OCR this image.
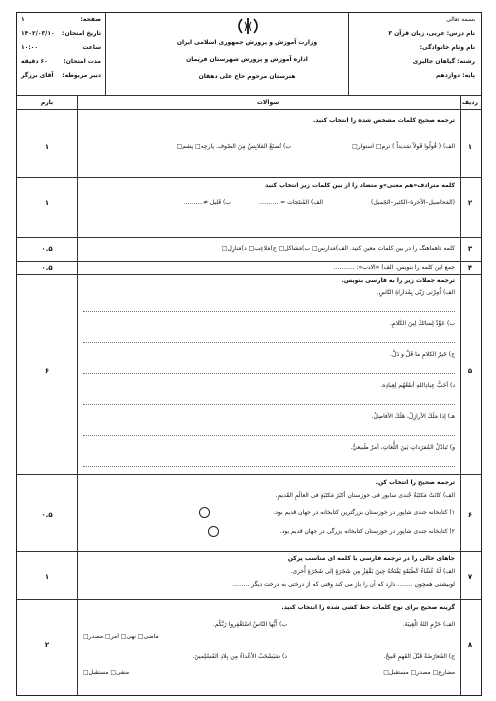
بسمه تعالی
نام درس: عربی، زبان قرآن ۳
نام ونام خانوادگی:
رشته: گیاهان جالیزی
پایه: دوازدهم
وزارت آموزش و پرورش جمهوری اسلامی ایران
اداره آموزش و پرورش شهرستان فریمان
هنرستان مرحوم حاج علی دهقان
صفحه:
تاریخ امتحان:
ساعت
مدت امتحان:
دبیر مربوطه:
۱
۱۴۰۲/۰۳/۱۰
۱۰:۰۰
۶۰ دقیقه
آقای برزگر
ردیف
سوالات
بارم
۱
۱
ترجمه صحیح کلمات مشخص شده را انتخاب کنید.
الف) ( قُولُوا قَولاً سَدیداً ) نرم□ استوار□
ب) تُصنَعُ المَلابِسُ مِنَ الصّوف. پارچه□ پشم□
۲
۱
کلمه مترادف«هم معنی»و متضاد را از بین کلمات زیر انتخاب کنید
(المَحاصیل–الأخرة–الكثير–الجَميل)
الف) المُنتَجات = ..........
ب) قَليل ≠..........
۳
۰.۵	کلمه ناهماهنگ را در بین کلمات معین کنید. الف)مَدارس□ ب)مَشاكل□ ج)مَلاعِب□ د)مَنازِل□
۴
۰.۵	جمع این کلمه را بنویس. الف) «الادب»: ...........
۵
۶
ترجمه جملات زیر را به فارسی بنویس.
الف) اُمِرْنی رَبّی بِمُداراةِ النّاسِ.
ب) عَوِّدْ لِسانَكَ لِينَ الكَلامِ.
ج) خَيرُ الكلامِ ما قَلَّ و دَلَّ.
د) أحَبُّ عِبادِاللهِ أنفَعُهُم لِعِبادِه.
هـ) إذا مَلَكَ الأرازِلُ، هَلَكَ الأفاضِلُ.
و) تَبادُلُ المُفرَداتِ بَينَ اللُّغاتِ، أمرٌ طَبيعيٌّ.
۶
۰.۵
ترجمه صحیح را انتخاب کن.
الف) كانَتْ مَكتَبَةُ جُندی سابور فی خوزستان أكبَرَ مَكتَبَةٍ فی العالَمِ القَديمِ.
۱) کتابخانه جندی شاپور در خوزستان بزرگترین کتابخانه در جهان قدیم بود.
۲) کتابخانه جندی شاپور در خوزستان کتابخانه بزرگی در جهان قدیم بود.
۷
۱
جاهای خالی را در ترجمه فارسی با کلمه ای مناسب پرکن
الف) لَهُ عُشّاءٌ كَطَبَقَةٍ يَفْتَحُهُ حِينَ يَقْفِزُ مِن شَجَرَةٍ إلى شَجَرَةٍ أُخرى.
لوبیشنی همچون ........ دارد که آن را باز می کند وقتی که از درختی به درخت دیگر .........
۸
۲
گزینه صحیح برای نوع کلمات خط کشی شده را انتخاب کنید.
الف) حَرِّمِ اللهُ الْغِيبَةَ.
ب) أَيُّها النّاسُ اسْتَغْفِروا رَبَّكُم.
ماضی□ نهی□ امر□ مصدر□
ج) المُعارَضَةُ قَبْلَ الفَهمِ قَبيحٌ.
د) سَيَسْحَبُ الأعْداءُ مِن بِلادِ المُسْلِمينَ.
مضارع□ مصدر□ مستقبل□
منفی□ مستقبل□
